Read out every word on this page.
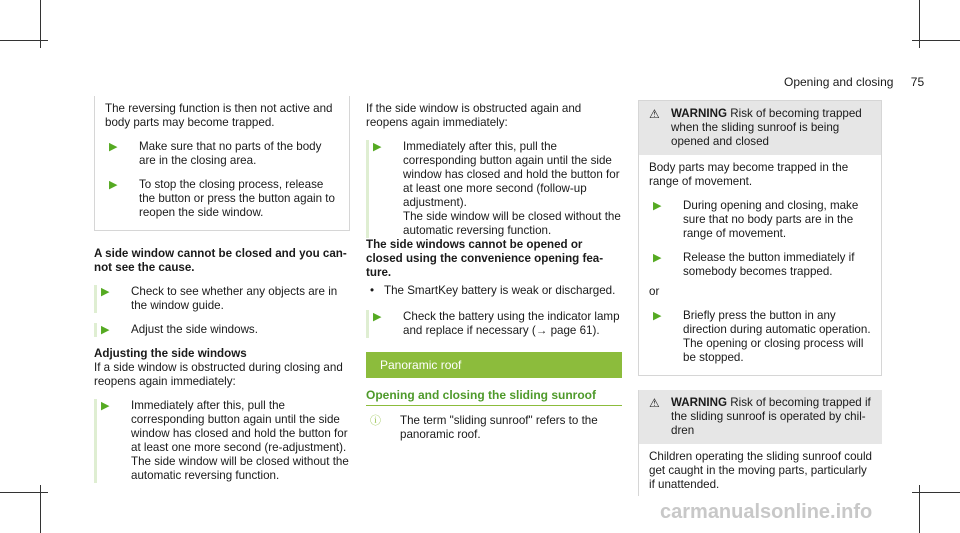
Opening and closing 75
The reversing function is then not active and body parts may become trapped.
▶	Make sure that no parts of the body are in the closing area.
▶	To stop the closing process, release the button or press the button again to reopen the side window.
A side window cannot be closed and you cannot see the cause.
▶	Check to see whether any objects are in the window guide.
▶	Adjust the side windows.
Adjusting the side windows
If a side window is obstructed during closing and reopens again immediately:
▶	Immediately after this, pull the corresponding button again until the side window has closed and hold the button for at least one more second (re-adjustment).
The side window will be closed without the automatic reversing function.
If the side window is obstructed again and reopens again immediately:
▶	Immediately after this, pull the corresponding button again until the side window has closed and hold the button for at least one more second (follow-up adjustment).
The side window will be closed without the automatic reversing function.
The side windows cannot be opened or closed using the convenience opening feature.
• The SmartKey battery is weak or discharged.
▶	Check the battery using the indicator lamp and replace if necessary (→ page 61).
Panoramic roof
Opening and closing the sliding sunroof
ⓘ	The term "sliding sunroof" refers to the panoramic roof.
⚠ WARNING Risk of becoming trapped when the sliding sunroof is being opened and closed
Body parts may become trapped in the range of movement.
▶	During opening and closing, make sure that no body parts are in the range of movement.
▶	Release the button immediately if somebody becomes trapped.
or
▶	Briefly press the button in any direction during automatic operation.
The opening or closing process will be stopped.
⚠ WARNING Risk of becoming trapped if the sliding sunroof is operated by children
Children operating the sliding sunroof could get caught in the moving parts, particularly if unattended.
carmanualsonline.info
